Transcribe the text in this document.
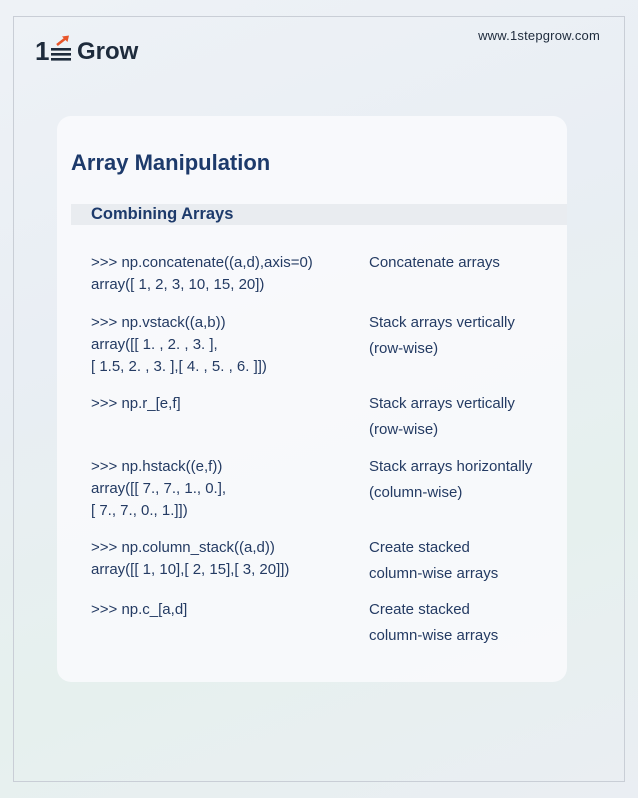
1 Grow
www.1stepgrow.com
Array Manipulation
Combining Arrays
>>> np.concatenate((a,d),axis=0)
array([ 1, 2, 3, 10, 15, 20])
Concatenate arrays
>>> np.vstack((a,b))
array([[ 1. , 2. , 3. ],
[ 1.5, 2. , 3. ],[ 4. , 5. , 6. ]])
Stack arrays vertically
(row-wise)
>>> np.r_[e,f]	Stack arrays vertically
(row-wise)
>>> np.hstack((e,f))
array([[ 7., 7., 1., 0.],
[ 7., 7., 0., 1.]])
Stack arrays horizontally
(column-wise)
>>> np.column_stack((a,d))
array([[ 1, 10],[ 2, 15],[ 3, 20]])
Create stacked
column-wise arrays
>>> np.c_[a,d]	Create stacked
column-wise arrays
